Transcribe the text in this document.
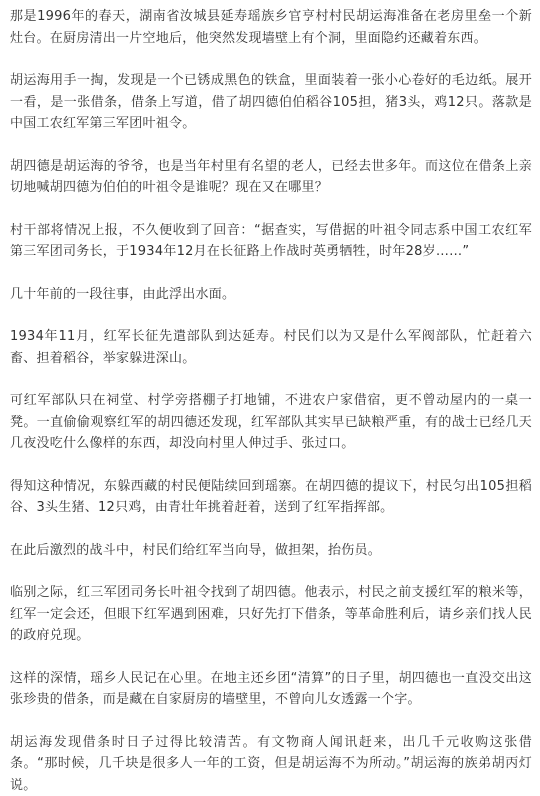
那是1996年的春天，湖南省汝城县延寿瑶族乡官亨村村民胡运海准备在老房里垒一个新灶台。在厨房清出一片空地后，他突然发现墙壁上有个洞，里面隐约还藏着东西。

胡运海用手一掏，发现是一个已锈成黑色的铁盒，里面装着一张小心卷好的毛边纸。展开一看，是一张借条，借条上写道，借了胡四德伯伯稻谷105担，猪3头，鸡12只。落款是中国工农红军第三军团叶祖令。

胡四德是胡运海的爷爷，也是当年村里有名望的老人，已经去世多年。而这位在借条上亲切地喊胡四德为伯伯的叶祖令是谁呢？现在又在哪里？

村干部将情况上报，不久便收到了回音：“据查实，写借据的叶祖令同志系中国工农红军第三军团司务长，于1934年12月在长征路上作战时英勇牺牲，时年28岁……”

几十年前的一段往事，由此浮出水面。

1934年11月，红军长征先遣部队到达延寿。村民们以为又是什么军阀部队，忙赶着六畜、担着稻谷，举家躲进深山。

可红军部队只在祠堂、村学旁搭棚子打地铺，不进农户家借宿，更不曾动屋内的一桌一凳。一直偷偷观察红军的胡四德还发现，红军部队其实早已缺粮严重，有的战士已经几天几夜没吃什么像样的东西，却没向村里人伸过手、张过口。

得知这种情况，东躲西藏的村民便陆续回到瑶寨。在胡四德的提议下，村民匀出105担稻谷、3头生猪、12只鸡，由青壮年挑着赶着，送到了红军指挥部。

在此后激烈的战斗中，村民们给红军当向导，做担架，抬伤员。

临别之际，红三军团司务长叶祖令找到了胡四德。他表示，村民之前支援红军的粮米等，红军一定会还，但眼下红军遇到困难，只好先打下借条，等革命胜利后，请乡亲们找人民的政府兑现。

这样的深情，瑶乡人民记在心里。在地主还乡团“清算”的日子里，胡四德也一直没交出这张珍贵的借条，而是藏在自家厨房的墙壁里，不曾向儿女透露一个字。

胡运海发现借条时日子过得比较清苦。有文物商人闻讯赶来，出几千元收购这张借条。“那时候，几千块是很多人一年的工资，但是胡运海不为所动。”胡运海的族弟胡丙灯说。
